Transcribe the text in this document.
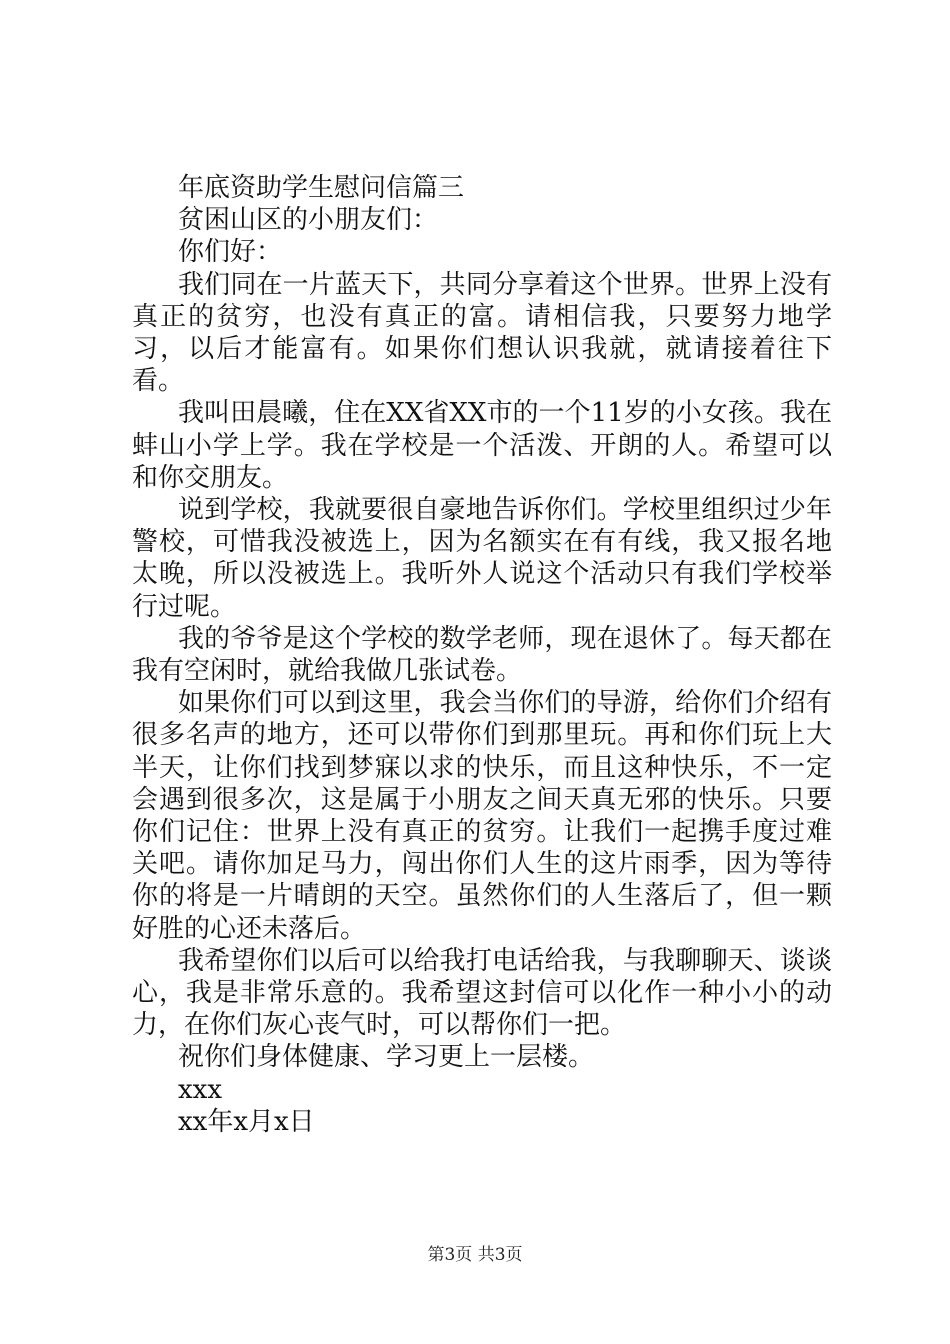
年底资助学生慰问信篇三

贫困山区的小朋友们：

你们好：

我们同在一片蓝天下，共同分享着这个世界。世界上没有真正的贫穷，也没有真正的富。请相信我，只要努力地学习，以后才能富有。如果你们想认识我就，就请接着往下看。

我叫田晨曦，住在XX省XX市的一个11岁的小女孩。我在蚌山小学上学。我在学校是一个活泼、开朗的人。希望可以和你交朋友。

说到学校，我就要很自豪地告诉你们。学校里组织过少年警校，可惜我没被选上，因为名额实在有有线，我又报名地太晚，所以没被选上。我听外人说这个活动只有我们学校举行过呢。

我的爷爷是这个学校的数学老师，现在退休了。每天都在我有空闲时，就给我做几张试卷。

如果你们可以到这里，我会当你们的导游，给你们介绍有很多名声的地方，还可以带你们到那里玩。再和你们玩上大半天，让你们找到梦寐以求的快乐，而且这种快乐，不一定会遇到很多次，这是属于小朋友之间天真无邪的快乐。只要你们记住：世界上没有真正的贫穷。让我们一起携手度过难关吧。请你加足马力，闯出你们人生的这片雨季，因为等待你的将是一片晴朗的天空。虽然你们的人生落后了，但一颗好胜的心还未落后。

我希望你们以后可以给我打电话给我，与我聊聊天、谈谈心，我是非常乐意的。我希望这封信可以化作一种小小的动力，在你们灰心丧气时，可以帮你们一把。

祝你们身体健康、学习更上一层楼。

xxx

xx年x月x日

第3页 共3页
